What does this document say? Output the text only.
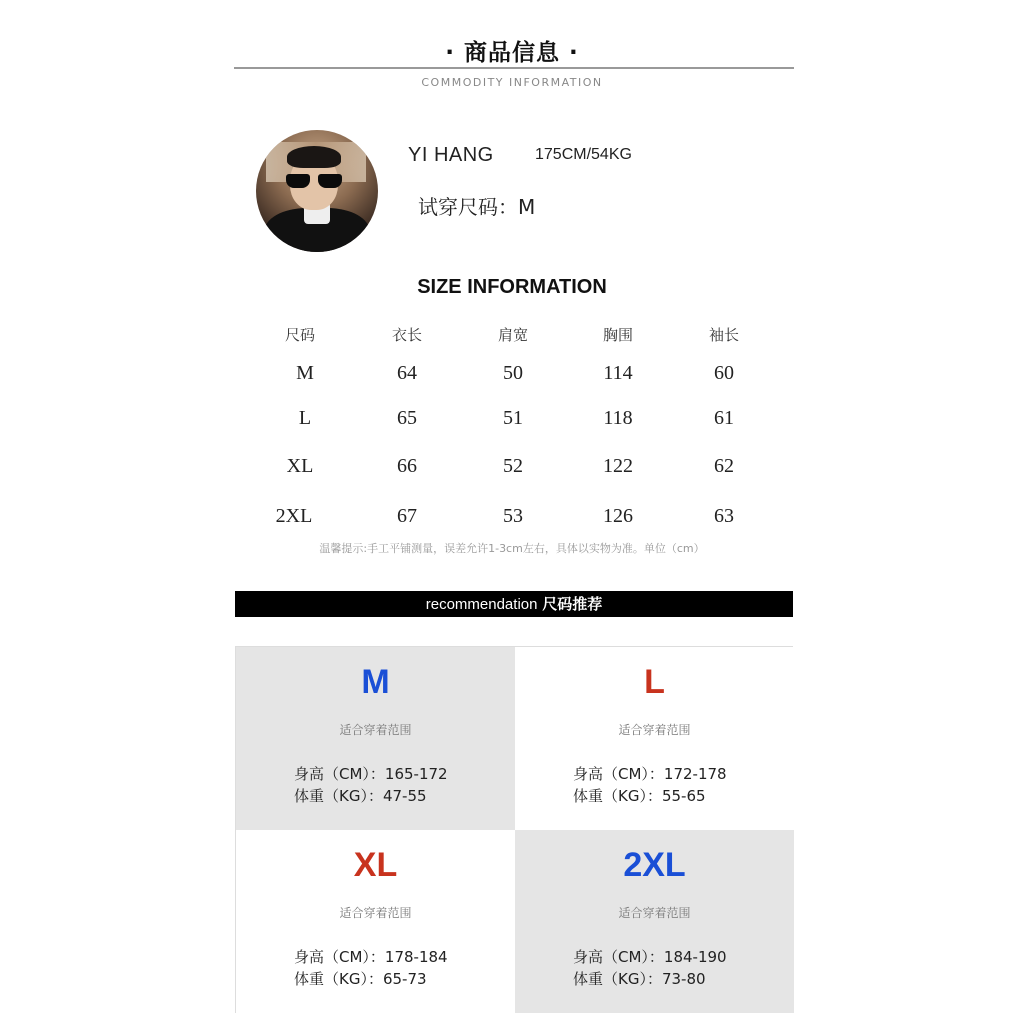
· 商品信息 ·
COMMODITY INFORMATION
YI HANG	175CM/54KG
试穿尺码：M
SIZE INFORMATION
尺码	衣长	肩宽	胸围	袖长
M	64	50	114	60
L	65	51	118	61
XL	66	52	122	62
2XL	67	53	126	63
温馨提示:手工平铺测量，误差允许1-3cm左右，具体以实物为准。单位（cm）
recommendation 尺码推荐
M
适合穿着范围
身高（CM）：165-172
体重（KG）：47-55
L
适合穿着范围
身高（CM）：172-178
体重（KG）：55-65
XL
适合穿着范围
身高（CM）：178-184
体重（KG）：65-73
2XL
适合穿着范围
身高（CM）：184-190
体重（KG）：73-80
